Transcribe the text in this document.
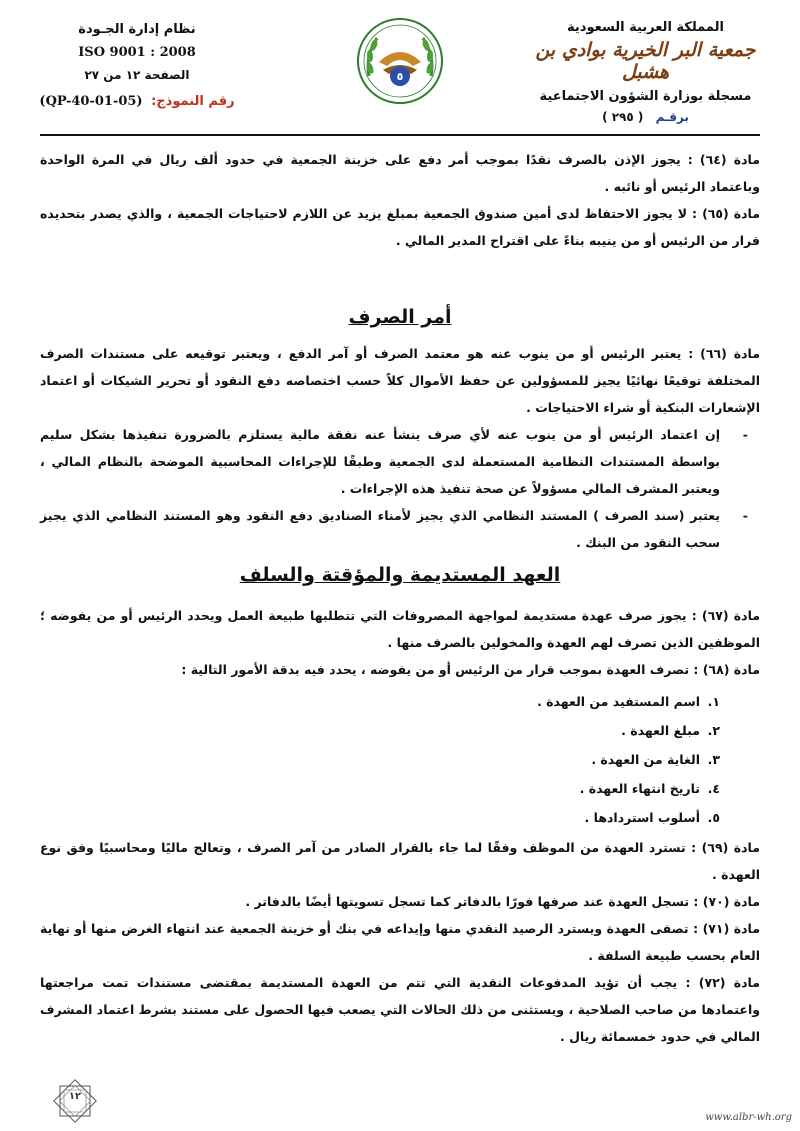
المملكة العربية السعودية
جمعية البر الخيرية بوادي بن هشبل
مسجلة بوزارة الشؤون الاجتماعية
برقـم ( ٢٩٥ )
٥
نظام إدارة الجـودة
ISO 9001 : 2008
الصفحة ١٢ من ٢٧
رقم النموذج: (QP-40-01-05)

مادة (٦٤) : يجوز الإذن بالصرف نقدًا بموجب أمر دفع على خزينة الجمعية في حدود ألف ريال في المرة الواحدة وباعتماد الرئيس أو نائبه .

مادة (٦٥) : لا يجوز الاحتفاظ لدى أمين صندوق الجمعية بمبلغ يزيد عن اللازم لاحتياجات الجمعية ، والذي يصدر بتحديده قرار من الرئيس أو من ينيبه بناءً على اقتراح المدير المالي .

أمر الصرف

مادة (٦٦) : يعتبر الرئيس أو من ينوب عنه هو معتمد الصرف أو آمر الدفع ، ويعتبر توقيعه على مستندات الصرف المختلفة توقيعًا نهائيًا يجيز للمسؤولين عن حفظ الأموال كلاً حسب اختصاصه دفع النقود أو تحرير الشيكات أو اعتماد الإشعارات البنكية أو شراء الاحتياجات .

-
إن اعتماد الرئيس أو من ينوب عنه لأي صرف ينشأ عنه نفقة مالية يستلزم بالضرورة تنفيذها بشكل سليم بواسطة المستندات النظامية المستعملة لدى الجمعية وطبقًا للإجراءات المحاسبية الموضحة بالنظام المالي ، ويعتبر المشرف المالي مسؤولاً عن صحة تنفيذ هذه الإجراءات .
-
يعتبر (سند الصرف ) المستند النظامي الذي يجيز لأمناء الصناديق دفع النقود وهو المستند النظامي الذي يجيز سحب النقود من البنك .
العهد المستديمة والمؤقتة والسلف

مادة (٦٧) : يجوز صرف عهدة مستديمة لمواجهة المصروفات التي تتطلبها طبيعة العمل ويحدد الرئيس أو من يفوضه ؛ الموظفين الذين تصرف لهم العهدة والمخولين بالصرف منها .

مادة (٦٨) : تصرف العهدة بموجب قرار من الرئيس أو من يفوضه ، يحدد فيه بدقة الأمور التالية :

١.
اسم المستفيد من العهدة .
٢.
مبلغ العهدة .
٣.
الغاية من العهدة .
٤.
تاريخ انتهاء العهدة .
٥.
أسلوب استردادها .

مادة (٦٩) : تسترد العهدة من الموظف وفقًا لما جاء بالقرار الصادر من آمر الصرف ، وتعالج ماليًا ومحاسبيًا وفق نوع العهدة .

مادة (٧٠) : تسجل العهدة عند صرفها فورًا بالدفاتر كما تسجل تسويتها أيضًا بالدفاتر .

مادة (٧١) : تصفى العهدة ويسترد الرصيد النقدي منها وإيداعه في بنك أو خزينة الجمعية عند انتهاء الغرض منها أو نهاية العام بحسب طبيعة السلفة .

مادة (٧٢) : يجب أن تؤيد المدفوعات النقدية التي تتم من العهدة المستديمة بمقتضى مستندات تمت مراجعتها واعتمادها من صاحب الصلاحية ، ويستثنى من ذلك الحالات التي يصعب فيها الحصول على مستند بشرط اعتماد المشرف المالي في حدود خمسمائة ريال .

١٢
www.albr-wh.org
